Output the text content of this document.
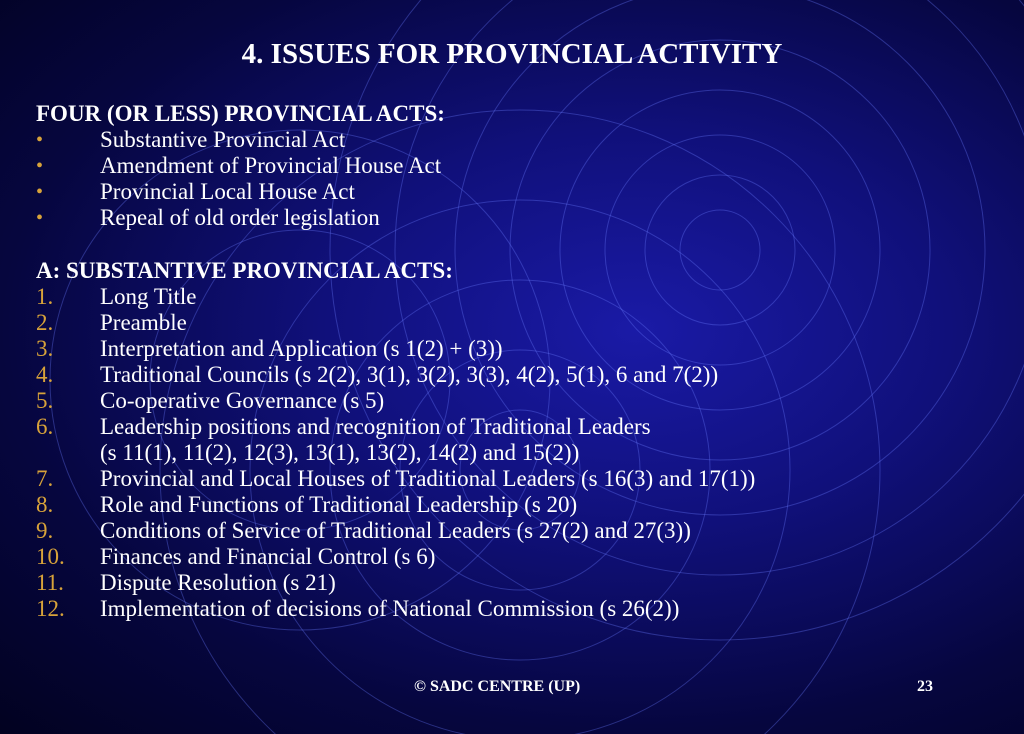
4. ISSUES FOR PROVINCIAL ACTIVITY
FOUR (OR LESS) PROVINCIAL ACTS:
• Substantive Provincial Act
• Amendment of Provincial House Act
• Provincial Local House Act
• Repeal of old order legislation
A: SUBSTANTIVE PROVINCIAL ACTS:
1. Long Title
2. Preamble
3. Interpretation and Application (s 1(2) + (3))
4. Traditional Councils (s 2(2), 3(1), 3(2), 3(3), 4(2), 5(1), 6 and 7(2))
5. Co-operative Governance (s 5)
6. Leadership positions and recognition of Traditional Leaders
(s 11(1), 11(2), 12(3), 13(1), 13(2), 14(2) and 15(2))
7. Provincial and Local Houses of Traditional Leaders (s 16(3) and 17(1))
8. Role and Functions of Traditional Leadership (s 20)
9. Conditions of Service of Traditional Leaders (s 27(2) and 27(3))
10. Finances and Financial Control (s 6)
11. Dispute Resolution (s 21)
12. Implementation of decisions of National Commission (s 26(2))
© SADC CENTRE (UP)	23
